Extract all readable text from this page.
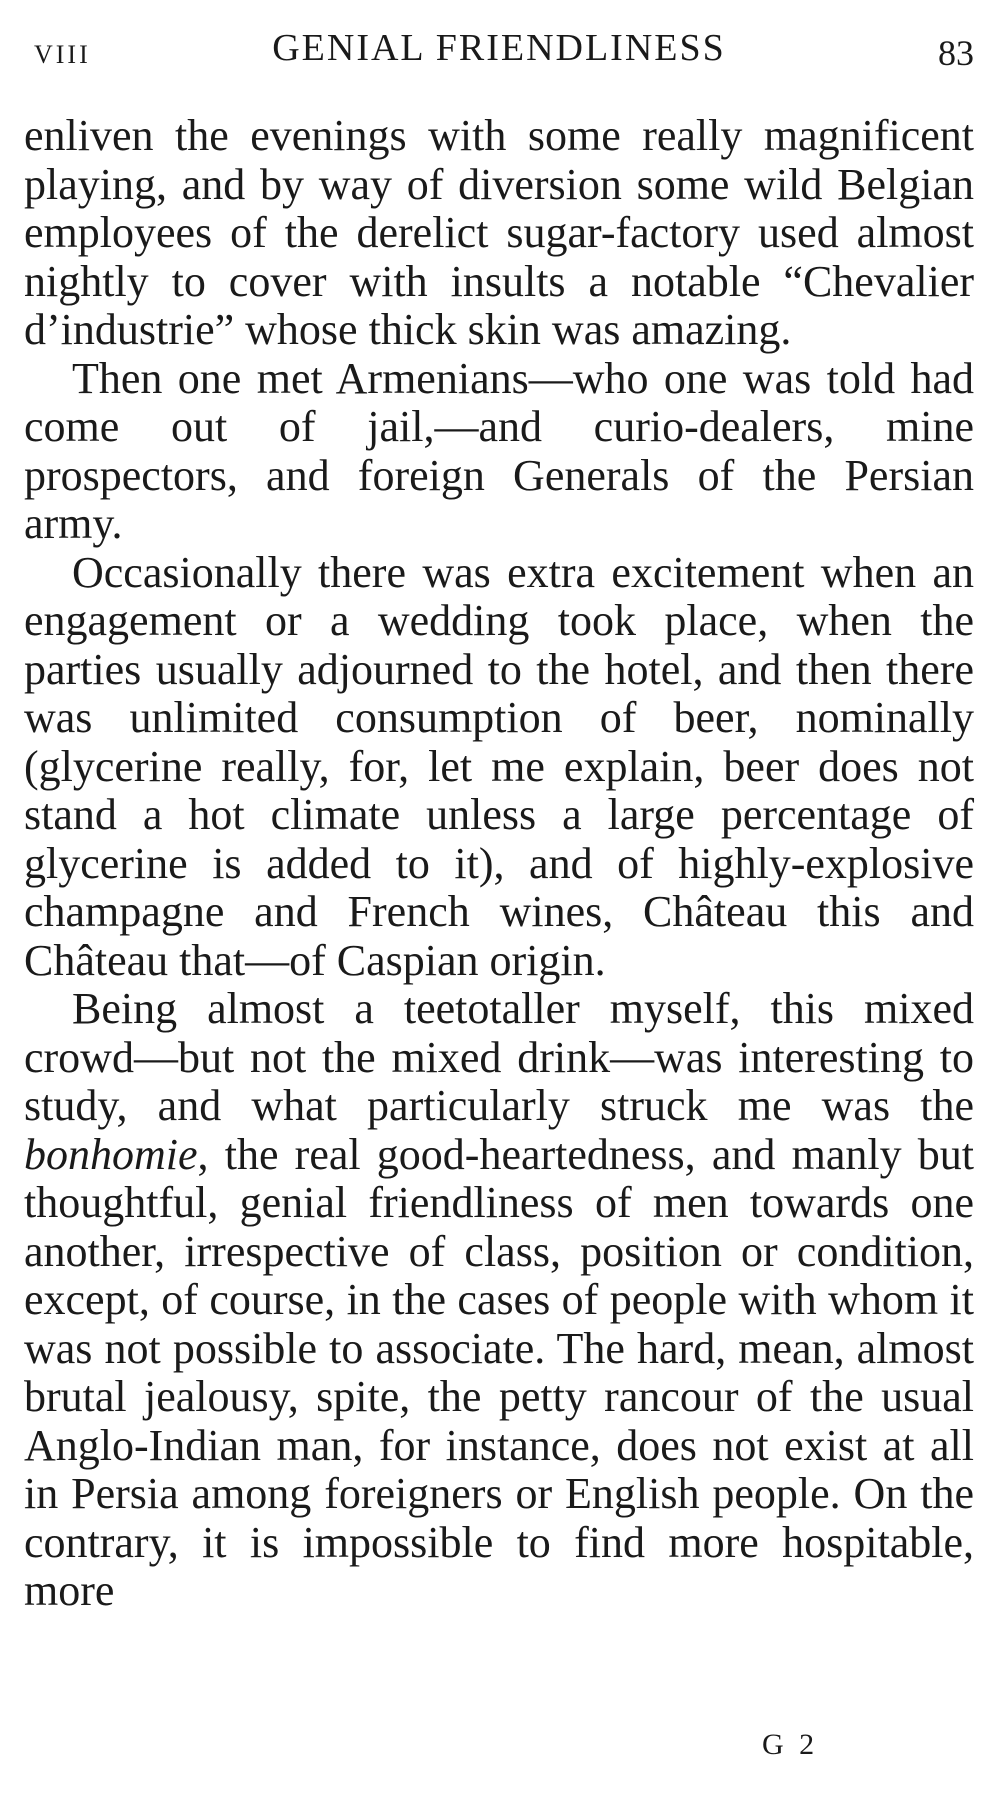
VIII	GENIAL FRIENDLINESS	83

enliven the evenings with some really magnificent playing, and by way of diversion some wild Belgian employees of the derelict sugar-factory used almost nightly to cover with insults a notable “Chevalier d’industrie” whose thick skin was amazing.

Then one met Armenians—who one was told had come out of jail,—and curio-dealers, mine prospectors, and foreign Generals of the Persian army.

Occasionally there was extra excitement when an engagement or a wedding took place, when the parties usually adjourned to the hotel, and then there was unlimited consumption of beer, nominally (glycerine really, for, let me explain, beer does not stand a hot climate unless a large percentage of glycerine is added to it), and of highly-explosive champagne and French wines, Château this and Château that—of Caspian origin.

Being almost a teetotaller myself, this mixed crowd—but not the mixed drink—was interesting to study, and what particularly struck me was the bonhomie, the real good-heartedness, and manly but thoughtful, genial friendliness of men towards one another, irrespective of class, position or condition, except, of course, in the cases of people with whom it was not possible to associate. The hard, mean, almost brutal jealousy, spite, the petty rancour of the usual Anglo-Indian man, for instance, does not exist at all in Persia among foreigners or English people. On the contrary, it is impossible to find more hospitable, more

G 2
